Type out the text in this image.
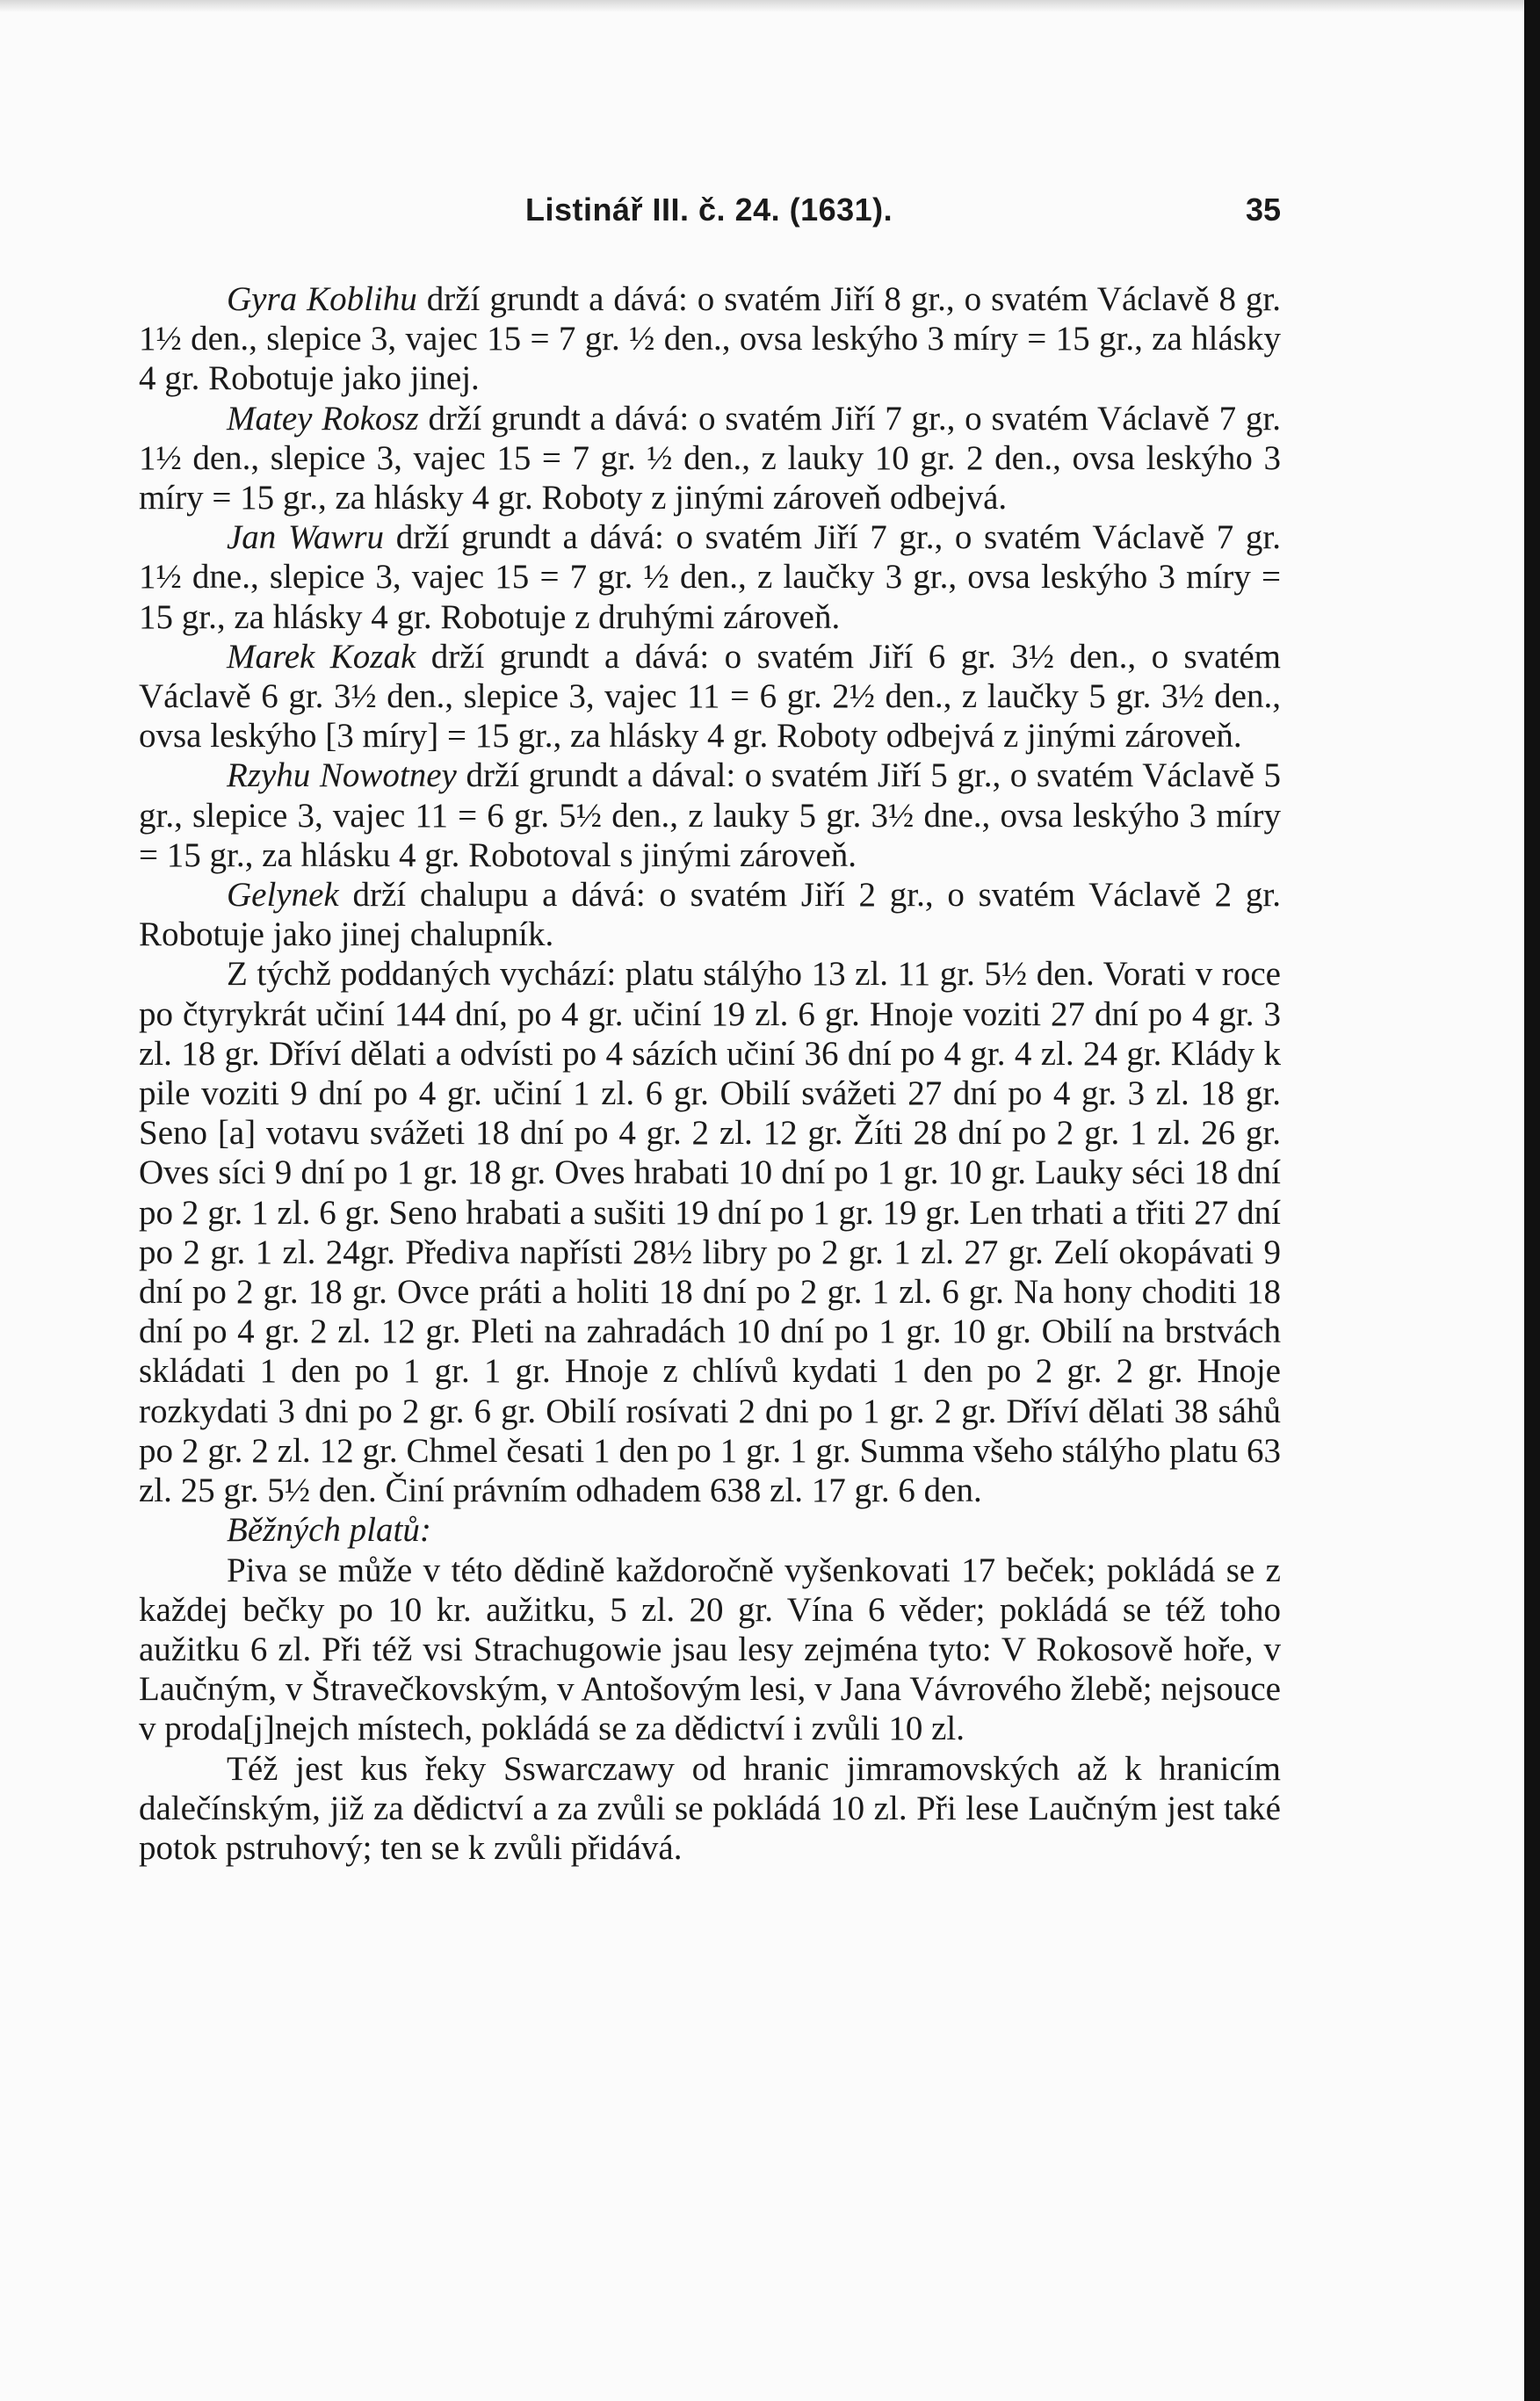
Listinář III. č. 24. (1631).	35

Gyra Koblihu drží grundt a dává: o svatém Jiří 8 gr., o svatém Václavě 8 gr. 1½ den., slepice 3, vajec 15 = 7 gr. ½ den., ovsa leskýho 3 míry = 15 gr., za hlásky 4 gr. Robotuje jako jinej.

Matey Rokosz drží grundt a dává: o svatém Jiří 7 gr., o svatém Václavě 7 gr. 1½ den., slepice 3, vajec 15 = 7 gr. ½ den., z lauky 10 gr. 2 den., ovsa leskýho 3 míry = 15 gr., za hlásky 4 gr. Roboty z jinými zároveň odbejvá.

Jan Wawru drží grundt a dává: o svatém Jiří 7 gr., o svatém Václavě 7 gr. 1½ dne., slepice 3, vajec 15 = 7 gr. ½ den., z laučky 3 gr., ovsa leskýho 3 míry = 15 gr., za hlásky 4 gr. Robotuje z druhými zároveň.

Marek Kozak drží grundt a dává: o svatém Jiří 6 gr. 3½ den., o svatém Václavě 6 gr. 3½ den., slepice 3, vajec 11 = 6 gr. 2½ den., z laučky 5 gr. 3½ den., ovsa leskýho [3 míry] = 15 gr., za hlásky 4 gr. Roboty odbejvá z jinými zároveň.

Rzyhu Nowotney drží grundt a dával: o svatém Jiří 5 gr., o svatém Václavě 5 gr., slepice 3, vajec 11 = 6 gr. 5½ den., z lauky 5 gr. 3½ dne., ovsa leskýho 3 míry = 15 gr., za hlásku 4 gr. Robotoval s jinými zároveň.

Gelynek drží chalupu a dává: o svatém Jiří 2 gr., o svatém Václavě 2 gr. Robotuje jako jinej chalupník.

Z týchž poddaných vychází: platu stálýho 13 zl. 11 gr. 5½ den. Vorati v roce po čtyrykrát učiní 144 dní, po 4 gr. učiní 19 zl. 6 gr. Hnoje voziti 27 dní po 4 gr. 3 zl. 18 gr. Dříví dělati a odvísti po 4 sázích učiní 36 dní po 4 gr. 4 zl. 24 gr. Klády k pile voziti 9 dní po 4 gr. učiní 1 zl. 6 gr. Obilí svážeti 27 dní po 4 gr. 3 zl. 18 gr. Seno [a] votavu svážeti 18 dní po 4 gr. 2 zl. 12 gr. Žíti 28 dní po 2 gr. 1 zl. 26 gr. Oves síci 9 dní po 1 gr. 18 gr. Oves hrabati 10 dní po 1 gr. 10 gr. Lauky séci 18 dní po 2 gr. 1 zl. 6 gr. Seno hrabati a sušiti 19 dní po 1 gr. 19 gr. Len trhati a třiti 27 dní po 2 gr. 1 zl. 24gr. Přediva napřísti 28½ libry po 2 gr. 1 zl. 27 gr. Zelí okopávati 9 dní po 2 gr. 18 gr. Ovce práti a holiti 18 dní po 2 gr. 1 zl. 6 gr. Na hony choditi 18 dní po 4 gr. 2 zl. 12 gr. Pleti na zahradách 10 dní po 1 gr. 10 gr. Obilí na brstvách skládati 1 den po 1 gr. 1 gr. Hnoje z chlívů kydati 1 den po 2 gr. 2 gr. Hnoje rozkydati 3 dni po 2 gr. 6 gr. Obilí rosívati 2 dni po 1 gr. 2 gr. Dříví dělati 38 sáhů po 2 gr. 2 zl. 12 gr. Chmel česati 1 den po 1 gr. 1 gr. Summa všeho stálýho platu 63 zl. 25 gr. 5½ den. Činí právním odhadem 638 zl. 17 gr. 6 den.

Běžných platů:

Piva se může v této dědině každoročně vyšenkovati 17 beček; pokládá se z každej bečky po 10 kr. aužitku, 5 zl. 20 gr. Vína 6 věder; pokládá se též toho aužitku 6 zl. Při též vsi Strachugowie jsau lesy zejména tyto: V Rokosově hoře, v Laučným, v Štravečkovským, v Antošovým lesi, v Jana Vávrového žlebě; nejsouce v proda[j]nejch místech, pokládá se za dědictví i zvůli 10 zl.

Též jest kus řeky Sswarczawy od hranic jimramovských až k hranicím dalečínským, již za dědictví a za zvůli se pokládá 10 zl. Při lese Laučným jest také potok pstruhový; ten se k zvůli přidává.
